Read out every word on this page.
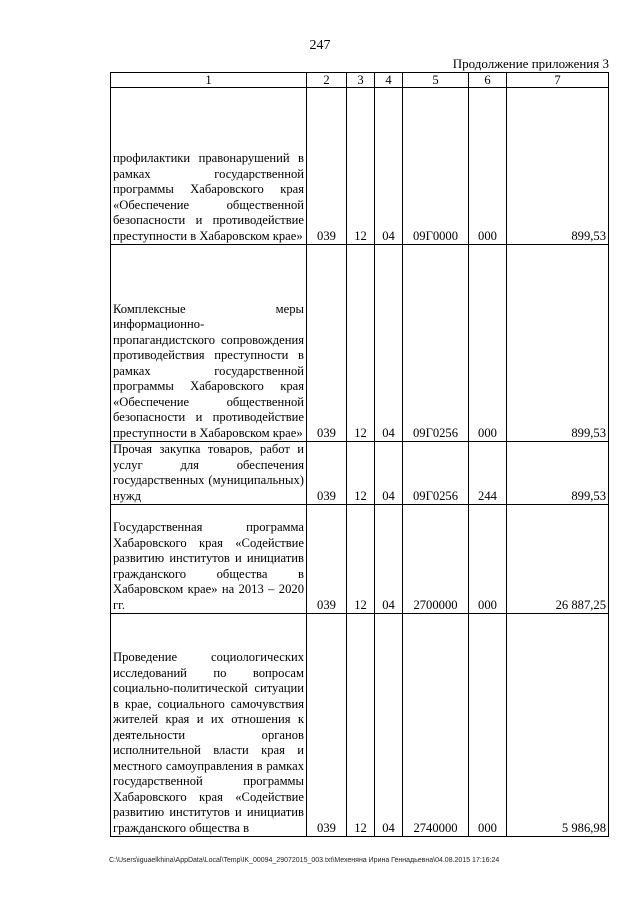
247
Продолжение приложения 3
1	2	3	4	5	6	7
профилактики правонарушений в рамках государственной программы Хабаровского края «Обеспечение общественной безопасности и противодействие преступности в Хабаровском крае»	039	12	04	09Г0000	000	899,53
Комплексные меры информационно-пропагандистского сопровождения противодействия преступности в рамках государственной программы Хабаровского края «Обеспечение общественной безопасности и противодействие преступности в Хабаровском крае»	039	12	04	09Г0256	000	899,53
Прочая закупка товаров, работ и услуг для обеспечения государственных (муниципальных) нужд	039	12	04	09Г0256	244	899,53
Государственная программа Хабаровского края «Содействие развитию институтов и инициатив гражданского общества в Хабаровском крае» на 2013 – 2020 гг.	039	12	04	2700000	000	26 887,25
Проведение социологических исследований по вопросам социально-политической ситуации в крае, социального самочувствия жителей края и их отношения к деятельности органов исполнительной власти края и местного самоуправления в рамках государственной программы Хабаровского края «Содействие развитию институтов и инициатив гражданского общества в	039	12	04	2740000	000	5 986,98
C:\Users\iguaelkhina\AppData\Local\Temp\IK_00094_29072015_003.txt\Мехеняна Ирина Геннадьевна\04.08.2015 17:16:24
